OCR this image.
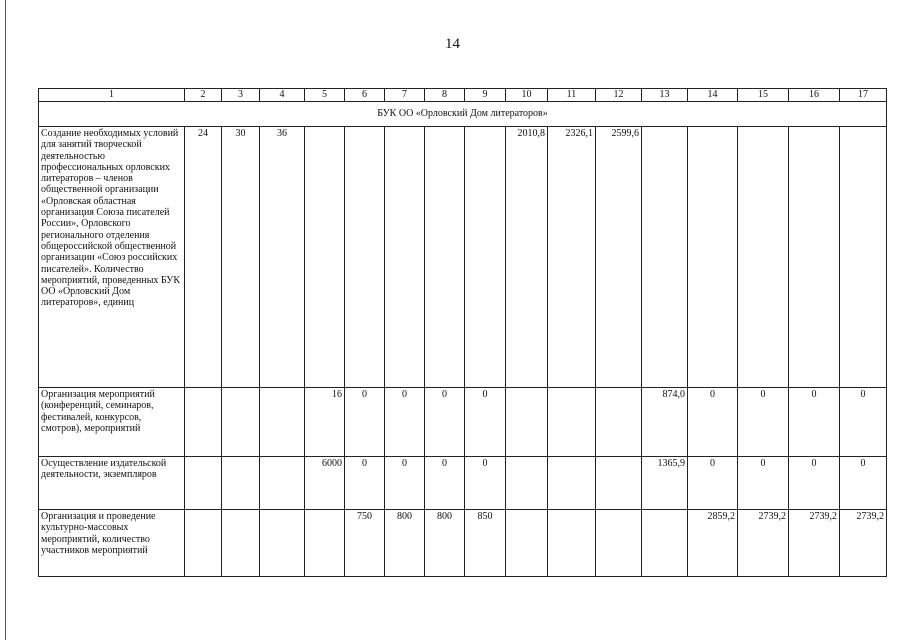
14
1	2	3	4	5	6	7	8	9	10	11	12	13	14	15	16	17
БУК ОО «Орловский Дом литераторов»																
Создание необходимых условий для занятий творческой деятельностью профессиональных орловских литераторов – членов общественной организации «Орловская областная организация Союза писателей России», Орловского регионального отделения общероссийской общественной организации «Союз российских писателей». Количество мероприятий, проведенных БУК ОО «Орловский Дом литераторов», единиц	24	30	36						2010,8	2326,1	2599,6					
Организация мероприятий (конференций, семинаров, фестивалей, конкурсов, смотров), мероприятий				16	0	0	0	0				874,0	0	0	0	0
Осуществление издательской деятельности, экземпляров				6000	0	0	0	0				1365,9	0	0	0	0
Организация и проведение культурно-массовых мероприятий, количество участников мероприятий					750	800	800	850					2859,2	2739,2	2739,2	2739,2
